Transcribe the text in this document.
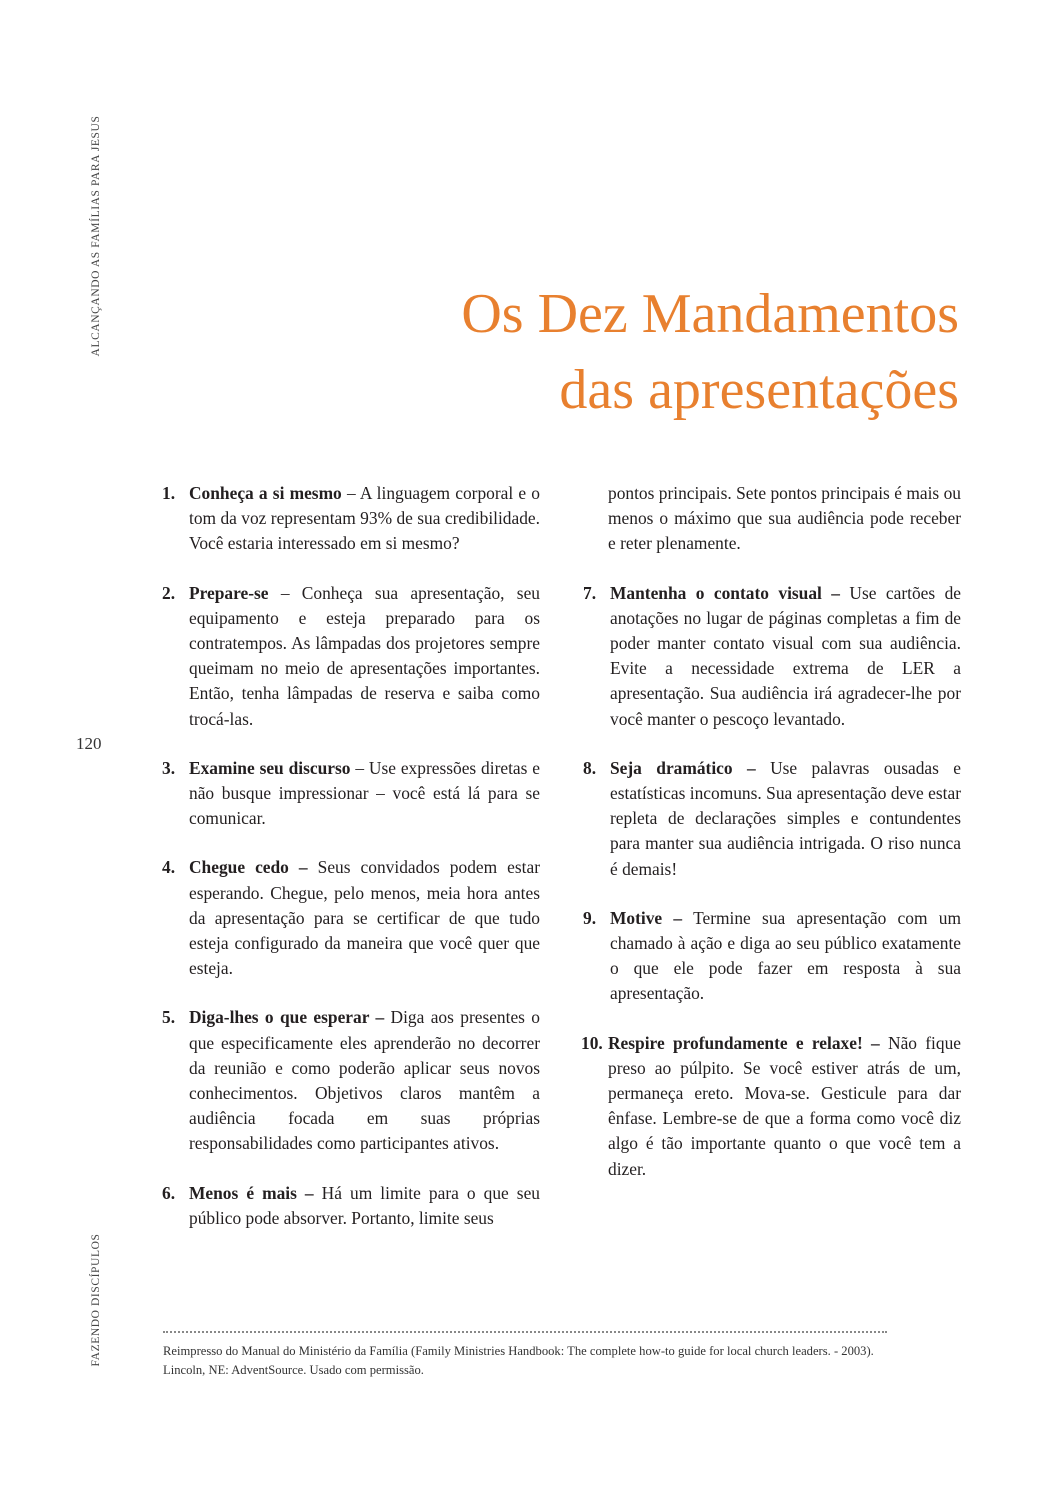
ALCANÇANDO AS FAMÍLIAS PARA JESUS
FAZENDO DISCÍPULOS
120
Os Dez Mandamentos
das apresentações
1. Conheça a si mesmo – A linguagem corporal e o tom da voz representam 93% de sua credibilidade. Você estaria interessado em si mesmo?
2. Prepare-se – Conheça sua apresentação, seu equipamento e esteja preparado para os contratempos. As lâmpadas dos projetores sempre queimam no meio de apresentações importantes. Então, tenha lâmpadas de reserva e saiba como trocá-las.
3. Examine seu discurso – Use expressões diretas e não busque impressionar – você está lá para se comunicar.
4. Chegue cedo – Seus convidados podem estar esperando. Chegue, pelo menos, meia hora antes da apresentação para se certificar de que tudo esteja configurado da maneira que você quer que esteja.
5. Diga-lhes o que esperar – Diga aos presentes o que especificamente eles aprenderão no decorrer da reunião e como poderão aplicar seus novos conhecimentos. Objetivos claros mantêm a audiência focada em suas próprias responsabilidades como participantes ativos.
6. Menos é mais – Há um limite para o que seu público pode absorver. Portanto, limite seus
pontos principais. Sete pontos principais é mais ou menos o máximo que sua audiência pode receber e reter plenamente.
7. Mantenha o contato visual – Use cartões de anotações no lugar de páginas completas a fim de poder manter contato visual com sua audiência. Evite a necessidade extrema de LER a apresentação. Sua audiência irá agradecer-lhe por você manter o pescoço levantado.
8. Seja dramático – Use palavras ousadas e estatísticas incomuns. Sua apresentação deve estar repleta de declarações simples e contundentes para manter sua audiência intrigada. O riso nunca é demais!
9. Motive – Termine sua apresentação com um chamado à ação e diga ao seu público exatamente o que ele pode fazer em resposta à sua apresentação.
10. Respire profundamente e relaxe! – Não fique preso ao púlpito. Se você estiver atrás de um, permaneça ereto. Mova-se. Gesticule para dar ênfase. Lembre-se de que a forma como você diz algo é tão importante quanto o que você tem a dizer.
Reimpresso do Manual do Ministério da Família (Family Ministries Handbook: The complete how-to guide for local church leaders. - 2003). Lincoln, NE: AdventSource. Usado com permissão.
